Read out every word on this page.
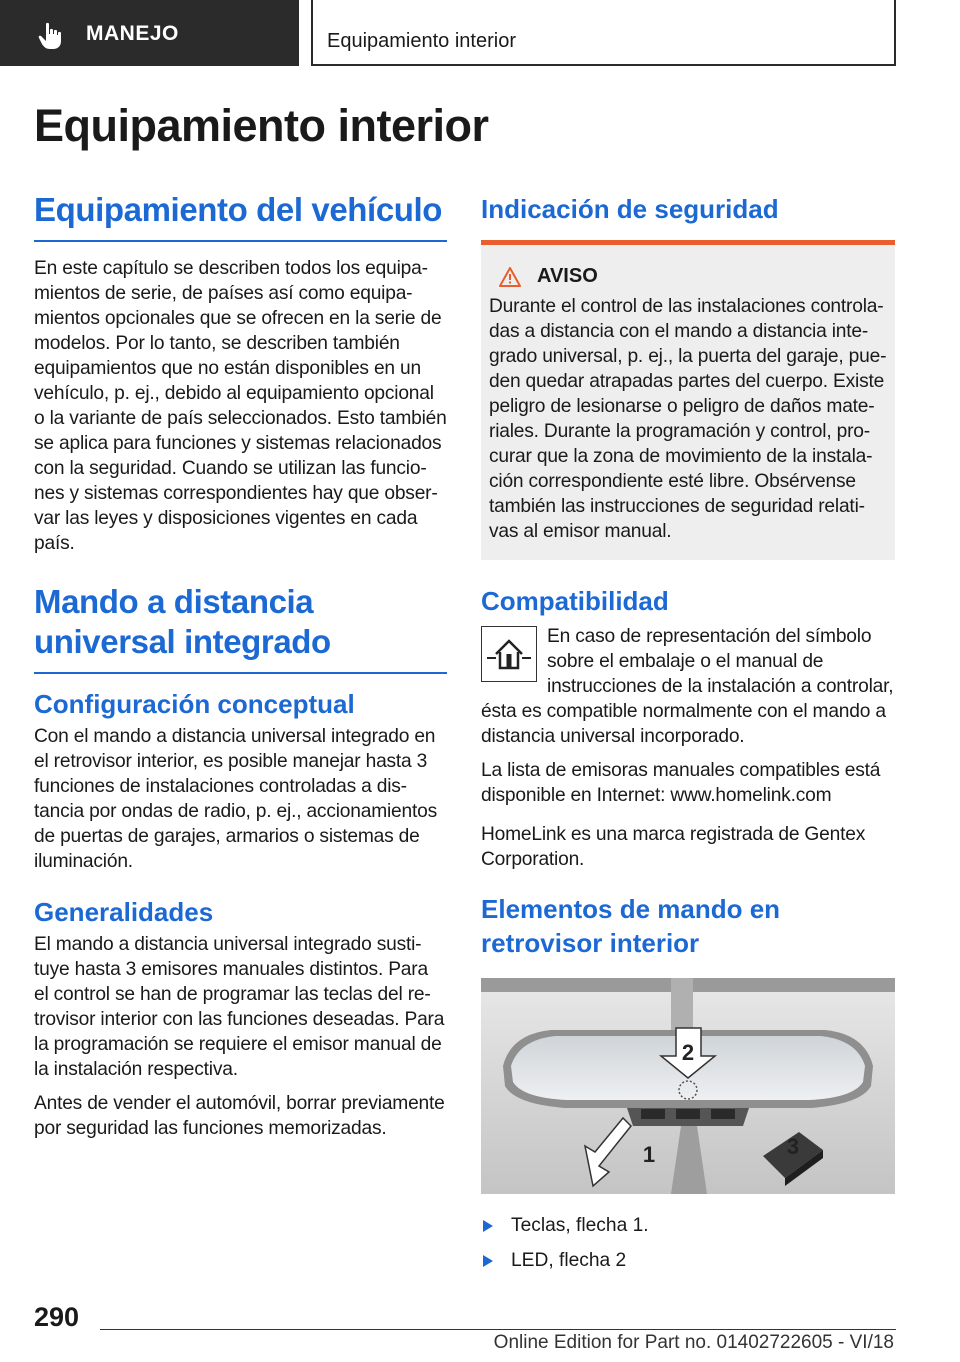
MANEJO	Equipamiento interior
Equipamiento interior
Equipamiento del vehículo

En este capítulo se describen todos los equipamientos de serie, de países así como equipamientos opcionales que se ofrecen en la serie de modelos. Por lo tanto, se describen también equipamientos que no están disponibles en un vehículo, p. ej., debido al equipamiento opcional o la variante de país seleccionados. Esto también se aplica para funciones y sistemas relacionados con la seguridad. Cuando se utilizan las funciones y sistemas correspondientes hay que observar las leyes y disposiciones vigentes en cada país.

Mando a distancia universal integrado
Configuración conceptual

Con el mando a distancia universal integrado en el retrovisor interior, es posible manejar hasta 3 funciones de instalaciones controladas a distancia por ondas de radio, p. ej., accionamientos de puertas de garajes, armarios o sistemas de iluminación.

Generalidades

El mando a distancia universal integrado sustituye hasta 3 emisores manuales distintos. Para el control se han de programar las teclas del retrovisor interior con las funciones deseadas. Para la programación se requiere el emisor manual de la instalación respectiva.

Antes de vender el automóvil, borrar previamente por seguridad las funciones memorizadas.

Indicación de seguridad
AVISO

Durante el control de las instalaciones controladas a distancia con el mando a distancia integrado universal, p. ej., la puerta del garaje, pueden quedar atrapadas partes del cuerpo. Existe peligro de lesionarse o peligro de daños materiales. Durante la programación y control, procurar que la zona de movimiento de la instalación correspondiente esté libre. Obsérvense también las instrucciones de seguridad relativas al emisor manual.

Compatibilidad

En caso de representación del símbolo sobre el embalaje o el manual de instrucciones de la instalación a controlar, ésta es compatible normalmente con el mando a distancia universal incorporado.

La lista de emisoras manuales compatibles está disponible en Internet: www.homelink.com

HomeLink es una marca registrada de Gentex Corporation.

Elementos de mando en retrovisor interior
2
1	3
Teclas, flecha 1.
LED, flecha 2
290
Online Edition for Part no. 01402722605 - VI/18
